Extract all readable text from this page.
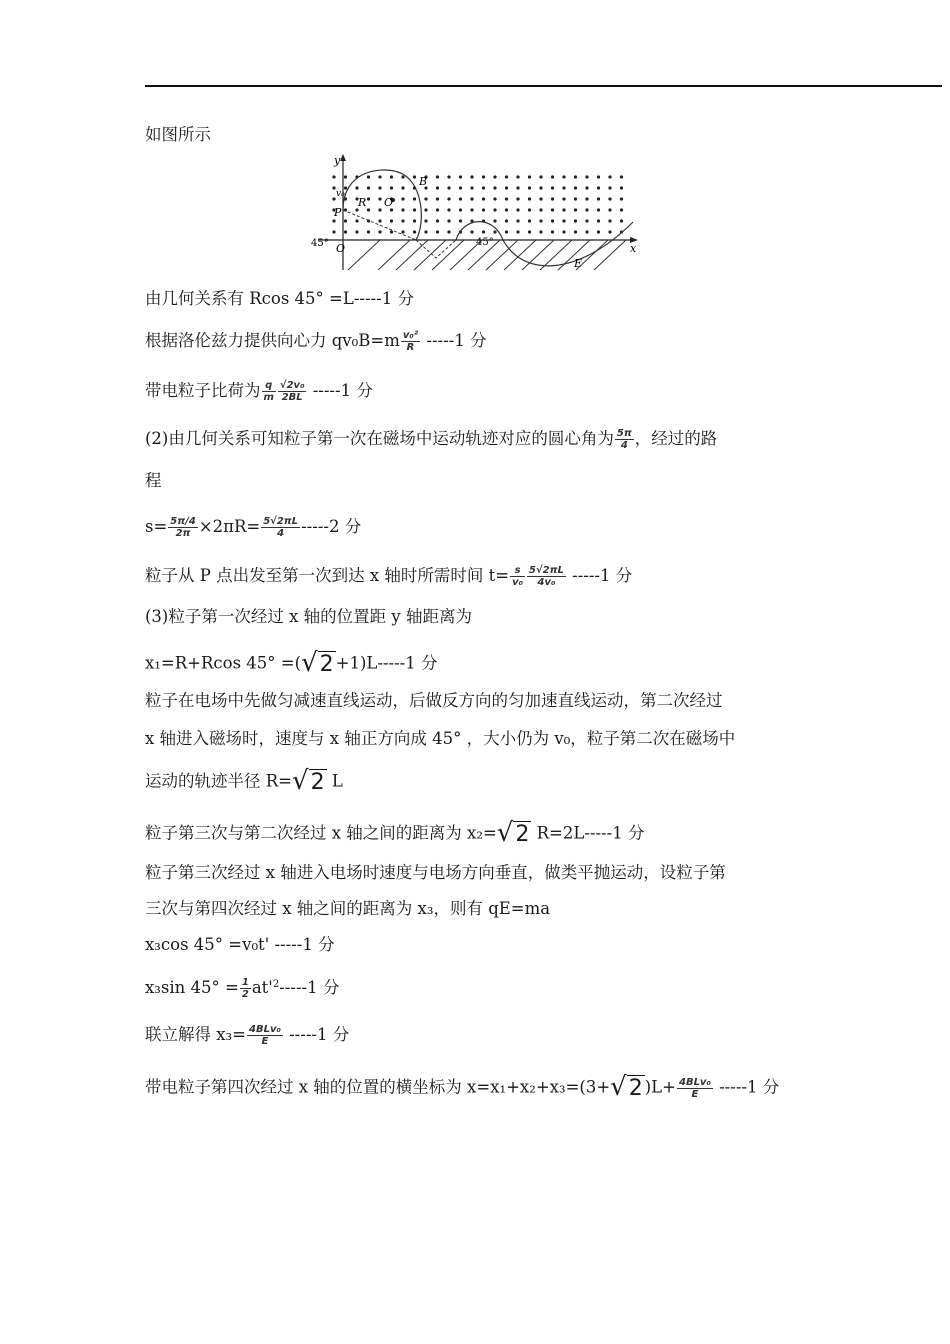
如图所示
y
x
O
B
P
R O
v₀
45°	45°
E
由几何关系有 Rcos 45° =L-----1 分
根据洛伦兹力提供向心力 $qv_0B=m \frac{\text{v₀²}}{R} -----1$ 分
带电粒子比荷为 $\frac{q}{m} \frac{\text{√2v₀}}{2BL} -----1$ 分
(2)由几何关系可知粒子第一次在磁场中运动轨迹对应的圆心角为 $\frac{5\pi}{4}$ ，经过的路
程
$s= \frac{5\pi/4}{2\pi} \times 2\pi R= \frac{5√2\pi L}{4} -----2$ 分
粒子从 P 点出发至第一次到达 x 轴时所需时间 $t= \frac{s}{\text{v₀}} \frac{5√2\pi L}{\text{4v₀}} -----1$ 分
(3)粒子第一次经过 x 轴的位置距 y 轴距离为
x₁=R+Rcos 45° =(√2 +1)L-----1 分
粒子在电场中先做匀减速直线运动，后做反方向的匀加速直线运动，第二次经过
x 轴进入磁场时，速度与 x 轴正方向成 45° ，大小仍为 v₀，粒子第二次在磁场中
运动的轨迹半径 R=√2 L
粒子第三次与第二次经过 x 轴之间的距离为 x₂=√2 R=2L-----1 分
粒子第三次经过 x 轴进入电场时速度与电场方向垂直，做类平抛运动，设粒子第
三次与第四次经过 x 轴之间的距离为 x₃，则有 qE=ma
x₃cos 45° =v₀t' -----1 分
x₃sin $45^\circ = \frac{1}{2} at'^2-----1$ 分
联立解得 $x_3= \frac{\text{4BLv₀}}{E} -----1$ 分
带电粒子第四次经过 x 轴的位置的横坐标为 x=x₁+x₂+x₃=(3+√2 )$L+ \frac{\text{4BLv₀}}{E} -----1$ 分
